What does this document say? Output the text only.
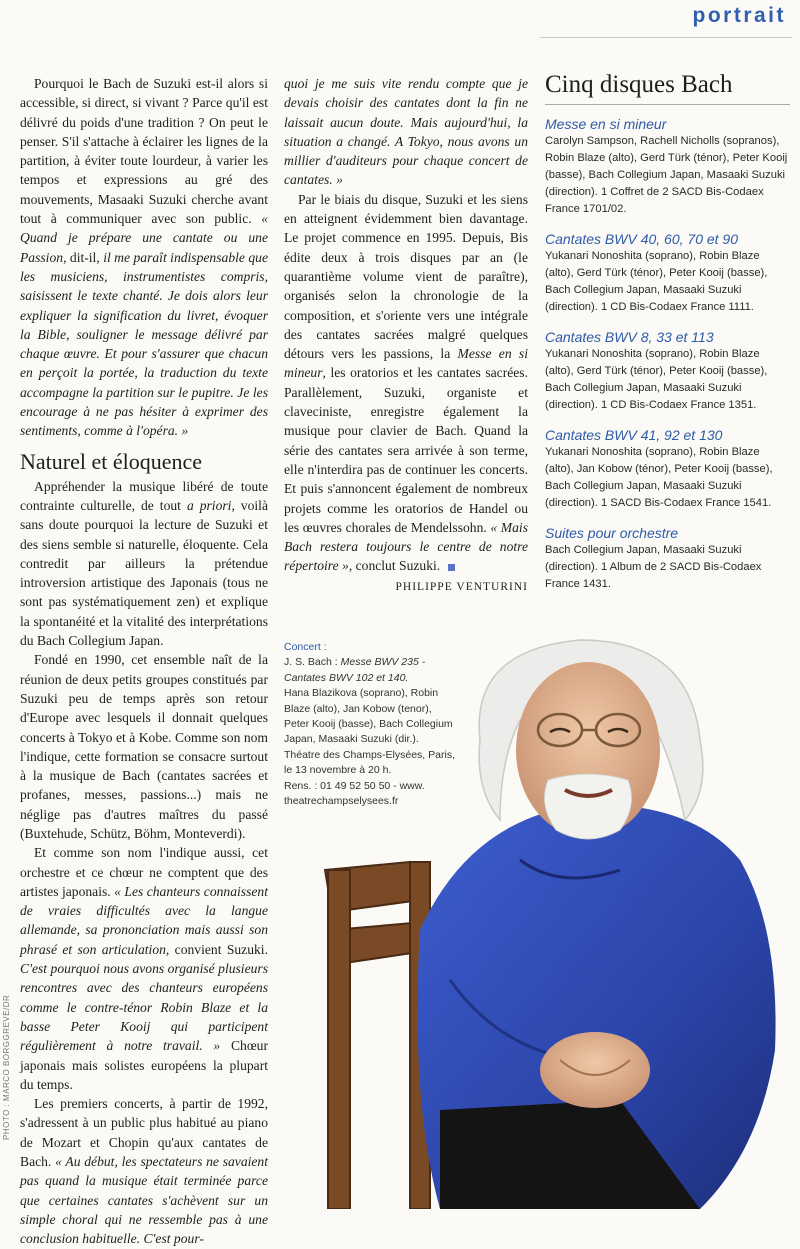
portrait

Pourquoi le Bach de Suzuki est-il alors si accessible, si direct, si vivant ? Parce qu'il est délivré du poids d'une tradition ? On peut le penser. S'il s'attache à éclairer les lignes de la partition, à éviter toute lourdeur, à varier les tempos et expressions au gré des mouvements, Masaaki Suzuki cherche avant tout à communiquer avec son public. « Quand je prépare une cantate ou une Passion, dit-il, il me paraît indispensable que les musiciens, instrumentistes compris, saisissent le texte chanté. Je dois alors leur expliquer la signification du livret, évoquer la Bible, souligner le message délivré par chaque œuvre. Et pour s'assurer que chacun en perçoit la portée, la traduction du texte accompagne la partition sur le pupitre. Je les encourage à ne pas hésiter à exprimer des sentiments, comme à l'opéra. »

Naturel et éloquence

Appréhender la musique libéré de toute contrainte culturelle, de tout a priori, voilà sans doute pourquoi la lecture de Suzuki et des siens semble si naturelle, éloquente. Cela contredit par ailleurs la prétendue introversion artistique des Japonais (tous ne sont pas systématiquement zen) et explique la spontanéité et la vitalité des interprétations du Bach Collegium Japan.

Fondé en 1990, cet ensemble naît de la réunion de deux petits groupes constitués par Suzuki peu de temps après son retour d'Europe avec lesquels il donnait quelques concerts à Tokyo et à Kobe. Comme son nom l'indique, cette formation se consacre surtout à la musique de Bach (cantates sacrées et profanes, messes, passions...) mais ne néglige pas d'autres maîtres du passé (Buxtehude, Schütz, Böhm, Monteverdi).

Et comme son nom l'indique aussi, cet orchestre et ce chœur ne comptent que des artistes japonais. « Les chanteurs connaissent de vraies difficultés avec la langue allemande, sa prononciation mais aussi son phrasé et son articulation, convient Suzuki. C'est pourquoi nous avons organisé plusieurs rencontres avec des chanteurs européens comme le contre-ténor Robin Blaze et la basse Peter Kooij qui participent régulièrement à notre travail. » Chœur japonais mais solistes européens la plupart du temps.

Les premiers concerts, à partir de 1992, s'adressent à un public plus habitué au piano de Mozart et Chopin qu'aux cantates de Bach. « Au début, les spectateurs ne savaient pas quand la musique était terminée parce que certaines cantates s'achèvent sur un simple choral qui ne ressemble pas à une conclusion habituelle. C'est pour-

quoi je me suis vite rendu compte que je devais choisir des cantates dont la fin ne laissait aucun doute. Mais aujourd'hui, la situation a changé. A Tokyo, nous avons un millier d'auditeurs pour chaque concert de cantates. »

Par le biais du disque, Suzuki et les siens en atteignent évidemment bien davantage. Le projet commence en 1995. Depuis, Bis édite deux à trois disques par an (le quarantième volume vient de paraître), organisés selon la chronologie de la composition, et s'oriente vers une intégrale des cantates sacrées malgré quelques détours vers les passions, la Messe en si mineur, les oratorios et les cantates sacrées. Parallèlement, Suzuki, organiste et claveciniste, enregistre également la musique pour clavier de Bach. Quand la série des cantates sera arrivée à son terme, elle n'interdira pas de continuer les concerts. Et puis s'annoncent également de nombreux projets comme les oratorios de Handel ou les œuvres chorales de Mendelssohn. « Mais Bach restera toujours le centre de notre répertoire », conclut Suzuki.

PHILIPPE VENTURINI
Cinq disques Bach

Messe en si mineur

Carolyn Sampson, Rachell Nicholls (sopranos), Robin Blaze (alto), Gerd Türk (ténor), Peter Kooij (basse), Bach Collegium Japan, Masaaki Suzuki (direction). 1 Coffret de 2 SACD Bis-Codaex France 1701/02.

Cantates BWV 40, 60, 70 et 90

Yukanari Nonoshita (soprano), Robin Blaze (alto), Gerd Türk (ténor), Peter Kooij (basse), Bach Collegium Japan, Masaaki Suzuki (direction). 1 CD Bis-Codaex France 1111.

Cantates BWV 8, 33 et 113

Yukanari Nonoshita (soprano), Robin Blaze (alto), Gerd Türk (ténor), Peter Kooij (basse), Bach Collegium Japan, Masaaki Suzuki (direction). 1 CD Bis-Codaex France 1351.

Cantates BWV 41, 92 et 130

Yukanari Nonoshita (soprano), Robin Blaze (alto), Jan Kobow (ténor), Peter Kooij (basse), Bach Collegium Japan, Masaaki Suzuki (direction). 1 SACD Bis-Codaex France 1541.

Suites pour orchestre

Bach Collegium Japan, Masaaki Suzuki (direction). 1 Album de 2 SACD Bis-Codaex France 1431.

Concert :
J. S. Bach : Messe BWV 235 - Cantates BWV 102 et 140.
Hana Blazikova (soprano), Robin Blaze (alto), Jan Kobow (tenor), Peter Kooij (basse), Bach Collegium Japan, Masaaki Suzuki (dir.).
Théatre des Champs-Elysées, Paris, le 13 novembre à 20 h.
Rens. : 01 49 52 50 50 - www. theatrechampselysees.fr
PHOTO : MARCO BORGGREVE/DR
